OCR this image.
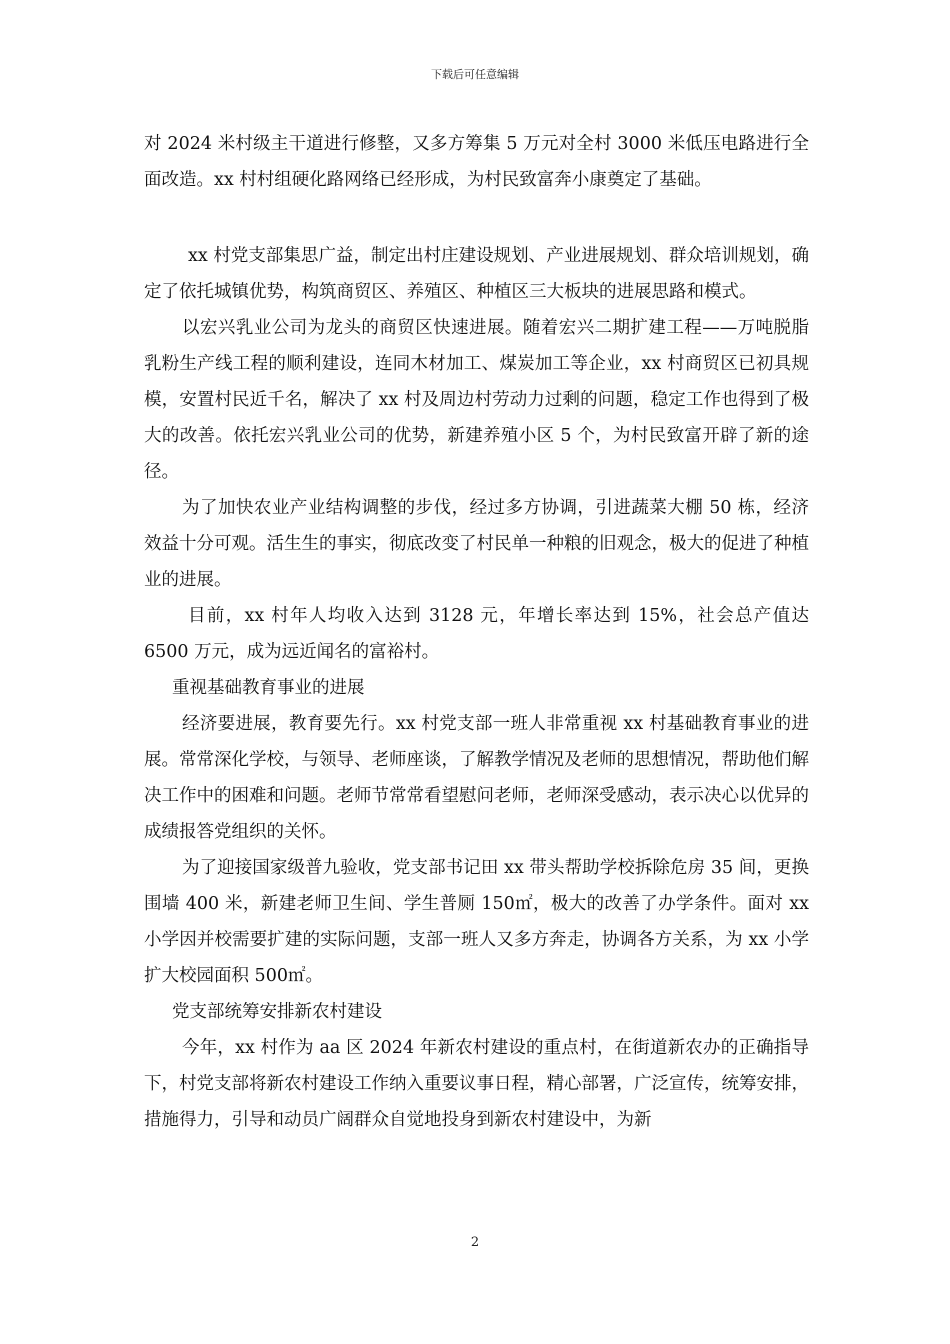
下载后可任意编辑

对 2024 米村级主干道进行修整，又多方筹集 5 万元对全村 3000 米低压电路进行全面改造。xx 村村组硬化路网络已经形成，为村民致富奔小康奠定了基础。

xx 村党支部集思广益，制定出村庄建设规划、产业进展规划、群众培训规划，确定了依托城镇优势，构筑商贸区、养殖区、种植区三大板块的进展思路和模式。

以宏兴乳业公司为龙头的商贸区快速进展。随着宏兴二期扩建工程——万吨脱脂乳粉生产线工程的顺利建设，连同木材加工、煤炭加工等企业，xx 村商贸区已初具规模，安置村民近千名，解决了 xx 村及周边村劳动力过剩的问题，稳定工作也得到了极大的改善。依托宏兴乳业公司的优势，新建养殖小区 5 个，为村民致富开辟了新的途径。

为了加快农业产业结构调整的步伐，经过多方协调，引进蔬菜大棚 50 栋，经济效益十分可观。活生生的事实，彻底改变了村民单一种粮的旧观念，极大的促进了种植业的进展。

目前，xx 村年人均收入达到 3128 元，年增长率达到 15%，社会总产值达 6500 万元，成为远近闻名的富裕村。

重视基础教育事业的进展

经济要进展，教育要先行。xx 村党支部一班人非常重视 xx 村基础教育事业的进展。常常深化学校，与领导、老师座谈，了解教学情况及老师的思想情况，帮助他们解决工作中的困难和问题。老师节常常看望慰问老师，老师深受感动，表示决心以优异的成绩报答党组织的关怀。

为了迎接国家级普九验收，党支部书记田 xx 带头帮助学校拆除危房 35 间，更换围墙 400 米，新建老师卫生间、学生普厕 150㎡，极大的改善了办学条件。面对 xx 小学因并校需要扩建的实际问题，支部一班人又多方奔走，协调各方关系，为 xx 小学扩大校园面积 500㎡。

党支部统筹安排新农村建设

今年，xx 村作为 aa 区 2024 年新农村建设的重点村，在街道新农办的正确指导下，村党支部将新农村建设工作纳入重要议事日程，精心部署，广泛宣传，统筹安排，措施得力，引导和动员广阔群众自觉地投身到新农村建设中，为新

2
